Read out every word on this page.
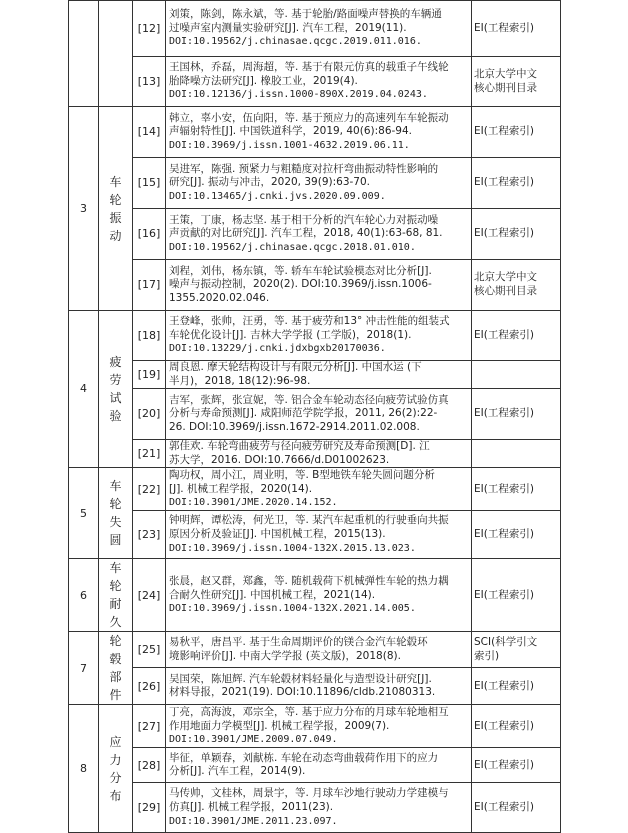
		[12]	刘策，陈剑，陈永斌，等. 基于轮胎/路面噪声替换的车辆通
过噪声室内测量实验研究[J]. 汽车工程，2019(11).
DOI:10.19562/j.chinasae.qcgc.2019.011.016.	EI(工程索引)

		[13]	王国林，乔磊，周海超，等. 基于有限元仿真的载重子午线轮
胎降噪方法研究[J]. 橡胶工业，2019(4).
DOI:10.12136/j.issn.1000-890X.2019.04.0243.	北京大学中文
核心期刊目录

3	车
轮
振
动	[14]	韩立，辜小安，伍向阳，等. 基于预应力的高速列车车轮振动
声辐射特性[J]. 中国铁道科学，2019, 40(6):86-94.
DOI:10.3969/j.issn.1001-4632.2019.06.11.	EI(工程索引)

		[15]	吴进军，陈强. 预紧力与粗糙度对拉杆弯曲振动特性影响的
研究[J]. 振动与冲击，2020, 39(9):63-70.
DOI:10.13465/j.cnki.jvs.2020.09.009.	EI(工程索引)

		[16]	王策，丁康，杨志坚. 基于相干分析的汽车轮心力对振动噪
声贡献的对比研究[J]. 汽车工程，2018, 40(1):63-68, 81.
DOI:10.19562/j.chinasae.qcgc.2018.01.010.	EI(工程索引)

		[17]	刘程，刘伟，杨东镇，等. 轿车车轮试验模态对比分析[J].
噪声与振动控制，2020(2). DOI:10.3969/j.issn.1006-
1355.2020.02.046.	北京大学中文
核心期刊目录

4	疲
劳
试
验	[18]	王登峰，张帅，汪勇，等. 基于疲劳和13° 冲击性能的组装式
车轮优化设计[J]. 吉林大学学报 (工学版)，2018(1).
DOI:10.13229/j.cnki.jdxbgxb20170036.	EI(工程索引)

		[19]	周良恩. 摩天轮结构设计与有限元分析[J]. 中国水运 (下
半月)，2018, 18(12):96-98.	

		[20]	吉军，张辉，张宣妮，等. 铝合金车轮动态径向疲劳试验仿真
分析与寿命预测[J]. 咸阳师范学院学报，2011, 26(2):22-
26. DOI:10.3969/j.issn.1672-2914.2011.02.008.	EI(工程索引)

		[21]	郭佳欢. 车轮弯曲疲劳与径向疲劳研究及寿命预测[D]. 江
苏大学，2016. DOI:10.7666/d.D01002623.	

5	车
轮
失
圆	[22]	陶功权，周小江，周业明，等. B型地铁车轮失圆问题分析
[J]. 机械工程学报，2020(14).
DOI:10.3901/JME.2020.14.152.	EI(工程索引)

		[23]	钟明辉，谭松涛，何光卫，等. 某汽车起重机的行驶垂向共振
原因分析及验证[J]. 中国机械工程，2015(13).
DOI:10.3969/j.issn.1004-132X.2015.13.023.	EI(工程索引)

6	车
轮
耐
久	[24]	张晨，赵又群，郑鑫，等. 随机载荷下机械弹性车轮的热力耦
合耐久性研究[J]. 中国机械工程，2021(14).
DOI:10.3969/j.issn.1004-132X.2021.14.005.	EI(工程索引)

7	轮
毂
部
件	[25]	易秋平，唐昌平. 基于生命周期评价的镁合金汽车轮毂环
境影响评价[J]. 中南大学学报 (英文版)，2018(8).	SCI(科学引文
索引)

		[26]	吴国荣，陈旭辉. 汽车轮毂材料轻量化与造型设计研究[J].
材料导报，2021(19). DOI:10.11896/cldb.21080313.	EI(工程索引)

8	应
力
分
布	[27]	丁亮，高海波，邓宗全，等. 基于应力分布的月球车轮地相互
作用地面力学模型[J]. 机械工程学报，2009(7).
DOI:10.3901/JME.2009.07.049.	EI(工程索引)

		[28]	毕征，单颖春，刘献栋. 车轮在动态弯曲载荷作用下的应力
分析[J]. 汽车工程，2014(9).	EI(工程索引)

		[29]	马传帅，文桂林，周景宇，等. 月球车沙地行驶动力学建模与
仿真[J]. 机械工程学报，2011(23).
DOI:10.3901/JME.2011.23.097.	EI(工程索引)
